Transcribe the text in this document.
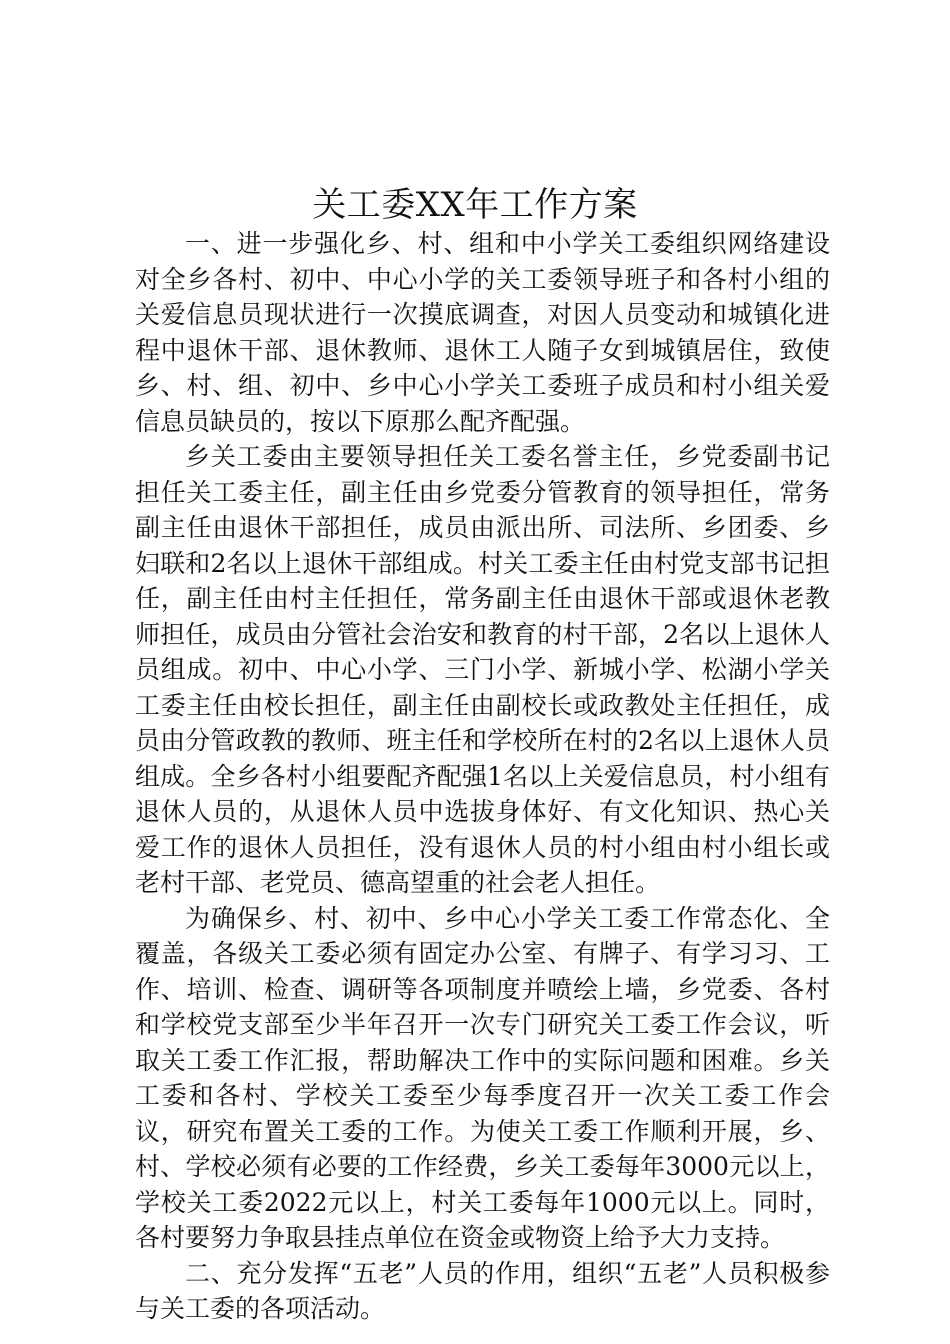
关工委XX年工作方案

一、进一步强化乡、村、组和中小学关工委组织网络建设对全乡各村、初中、中心小学的关工委领导班子和各村小组的关爱信息员现状进行一次摸底调查，对因人员变动和城镇化进程中退休干部、退休教师、退休工人随子女到城镇居住，致使乡、村、组、初中、乡中心小学关工委班子成员和村小组关爱信息员缺员的，按以下原那么配齐配强。

乡关工委由主要领导担任关工委名誉主任，乡党委副书记担任关工委主任，副主任由乡党委分管教育的领导担任，常务副主任由退休干部担任，成员由派出所、司法所、乡团委、乡妇联和2名以上退休干部组成。村关工委主任由村党支部书记担任，副主任由村主任担任，常务副主任由退休干部或退休老教师担任，成员由分管社会治安和教育的村干部，2名以上退休人员组成。初中、中心小学、三门小学、新城小学、松湖小学关工委主任由校长担任，副主任由副校长或政教处主任担任，成员由分管政教的教师、班主任和学校所在村的2名以上退休人员组成。全乡各村小组要配齐配强1名以上关爱信息员，村小组有退休人员的，从退休人员中选拔身体好、有文化知识、热心关爱工作的退休人员担任，没有退休人员的村小组由村小组长或老村干部、老党员、德高望重的社会老人担任。

为确保乡、村、初中、乡中心小学关工委工作常态化、全覆盖，各级关工委必须有固定办公室、有牌子、有学习习、工作、培训、检查、调研等各项制度并喷绘上墙，乡党委、各村和学校党支部至少半年召开一次专门研究关工委工作会议，听取关工委工作汇报，帮助解决工作中的实际问题和困难。乡关工委和各村、学校关工委至少每季度召开一次关工委工作会议，研究布置关工委的工作。为使关工委工作顺利开展，乡、村、学校必须有必要的工作经费，乡关工委每年3000元以上，学校关工委2022元以上，村关工委每年1000元以上。同时，各村要努力争取县挂点单位在资金或物资上给予大力支持。

二、充分发挥“五老”人员的作用，组织“五老”人员积极参与关工委的各项活动。
